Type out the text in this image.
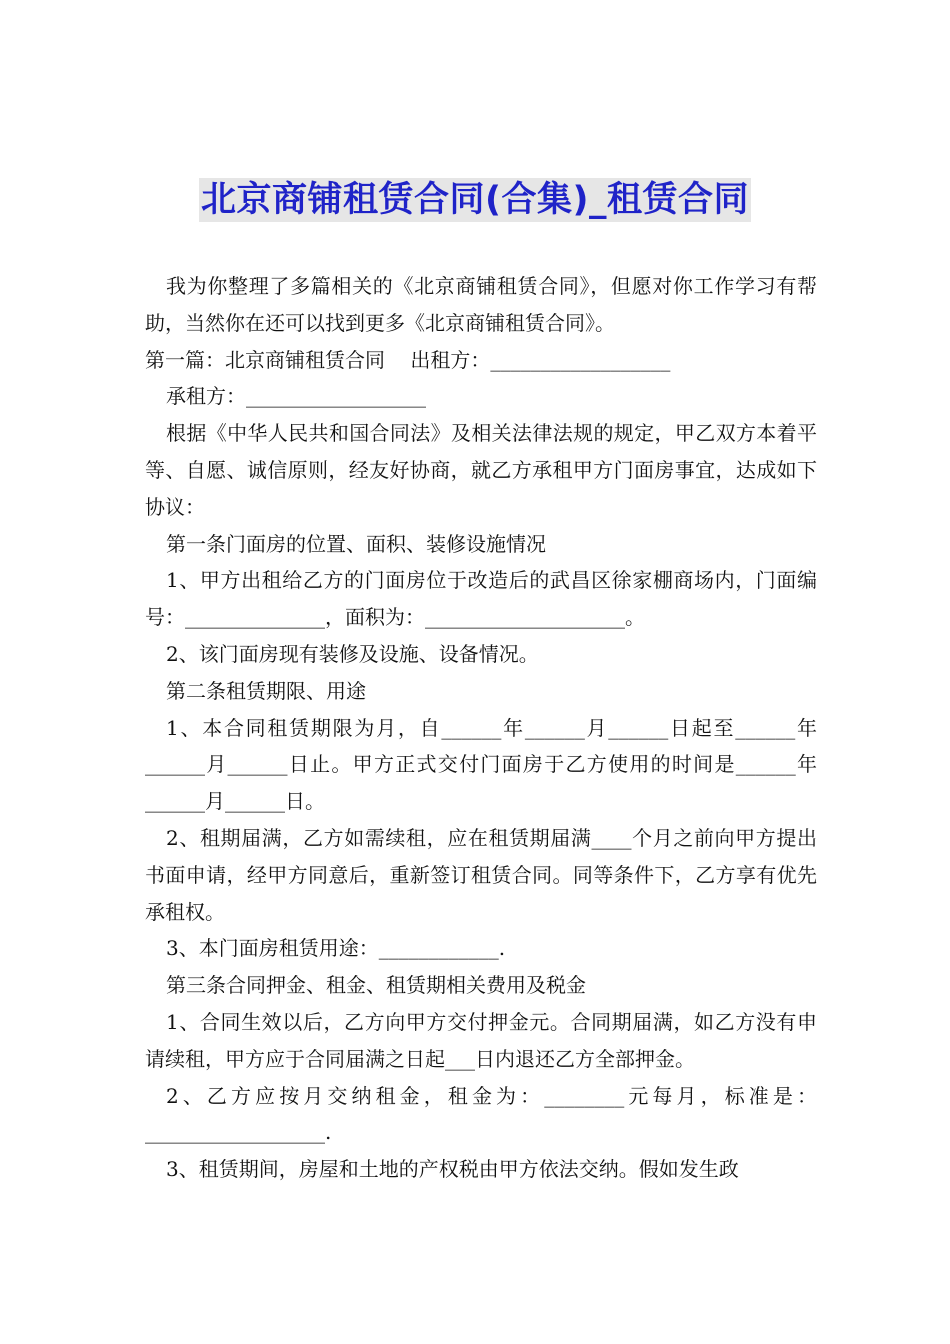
北京商铺租赁合同(合集)_租赁合同

我为你整理了多篇相关的《北京商铺租赁合同》，但愿对你工作学习有帮助，当然你在还可以找到更多《北京商铺租赁合同》。

第一篇：北京商铺租赁合同    出租方：__________________

承租方：__________________

根据《中华人民共和国合同法》及相关法律法规的规定，甲乙双方本着平等、自愿、诚信原则，经友好协商，就乙方承租甲方门面房事宜，达成如下协议：

第一条门面房的位置、面积、装修设施情况

1、甲方出租给乙方的门面房位于改造后的武昌区徐家棚商场内，门面编号：______________，面积为：____________________。

2、该门面房现有装修及设施、设备情况。

第二条租赁期限、用途

1、本合同租赁期限为月，自______年______月______日起至______年______月______日止。甲方正式交付门面房于乙方使用的时间是______年______月______日。

2、租期届满，乙方如需续租，应在租赁期届满____个月之前向甲方提出书面申请，经甲方同意后，重新签订租赁合同。同等条件下，乙方享有优先承租权。

3、本门面房租赁用途：____________.

第三条合同押金、租金、租赁期相关费用及税金

1、合同生效以后，乙方向甲方交付押金元。合同期届满，如乙方没有申请续租，甲方应于合同届满之日起___日内退还乙方全部押金。

2、乙方应按月交纳租金，租金为：________元每月，标准是：__________________.

3、租赁期间，房屋和土地的产权税由甲方依法交纳。假如发生政
